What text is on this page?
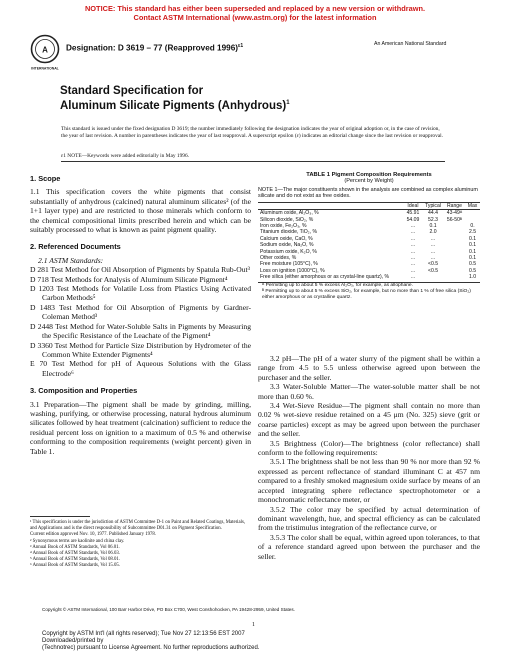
NOTICE: This standard has either been superseded and replaced by a new version or withdrawn.
Contact ASTM International (www.astm.org) for the latest information
A
INTERNATIONAL
Designation: D 3619 – 77 (Reapproved 1996)$^{\varepsilon 1}$	An American National Standard
Standard Specification for
Aluminum Silicate Pigments (Anhydrous)$^1$
This standard is issued under the fixed designation D 3619; the number immediately following the designation indicates the year of original adoption or, in the case of revision, the year of last revision. A number in parentheses indicates the year of last reapproval. A superscript epsilon (ε) indicates an editorial change since the last revision or reapproval.
ε1 NOTE—Keywords were added editorially in May 1996.
1. Scope

1.1 This specification covers the white pigments that consist substantially of anhydrous (calcined) natural aluminum silicates² (of the 1+1 layer type) and are restricted to those minerals which conform to the chemical compositional limits prescribed herein and which can be suitably processed to what is known as paint pigment quality.

2. Referenced Documents

2.1 ASTM Standards:

D 281 Test Method for Oil Absorption of Pigments by Spatula Rub-Out³

D 718 Test Methods for Analysis of Aluminum Silicate Pigment⁴

D 1203 Test Methods for Volatile Loss from Plastics Using Activated Carbon Methods⁵

D 1483 Test Method for Oil Absorption of Pigments by Gardner-Coleman Method³

D 2448 Test Method for Water-Soluble Salts in Pigments by Measuring the Specific Resistance of the Leachate of the Pigment⁴

D 3360 Test Method for Particle Size Distribution by Hydrometer of the Common White Extender Pigments⁴

E 70 Test Method for pH of Aqueous Solutions with the Glass Electrode⁶

3. Composition and Properties

3.1 Preparation—The pigment shall be made by grinding, milling, washing, purifying, or otherwise processing, natural hydrous aluminum silicates followed by heat treatment (calcination) sufficient to reduce the residual percent loss on ignition to a maximum of 0.5 % and otherwise conforming to the composition requirements (weight percent) given in Table 1.

¹ This specification is under the jurisdiction of ASTM Committee D-1 on Paint and Related Coatings, Materials, and Applications and is the direct responsibility of Subcommittee D01.31 on Pigment Specification.

Current edition approved Nov. 10, 1977. Published January 1978.

² Synonymous terms are kaolinite and china clay.

³ Annual Book of ASTM Standards, Vol 06.01.

⁴ Annual Book of ASTM Standards, Vol 06.03.

⁵ Annual Book of ASTM Standards, Vol 08.01.

⁶ Annual Book of ASTM Standards, Vol 15.05.

TABLE 1 Pigment Composition Requirements
(Percent by Weight)

NOTE 1—The major constituents shown in the analysis are combined as complex aluminum silicate and do not exist as free oxides.

	Ideal	Typical	Range	Max
Aluminum oxide, Al₂O₃, %	45.91	44.4	43-49ᴬ	
Silicon dioxide, SiO₂, %	54.09	52.3	56-50ᴮ	
Iron oxide, Fe₂O₃, %	...	0.1		0.
Titanium dioxide, TiO₂, %	...	2.0		2.5
Calcium oxide, CaO, %	...	...		0.1
Sodium oxide, Na₂O, %	...	...		0.1
Potassium oxide, K₂O, %	...	...		0.1
Other oxides, %	...	...		0.1
Free moisture (105°C), %	...	<0.5		0.5
Loss on ignition (1000°C), %	...	<0.5		0.5
Free silica (either amorphous or as crystal-line quartz), %	...			1.0

ᴬ Permitting up to about 5 % excess Al₂O₃, for example, as allophane.

ᴮ Permitting up to about 5 % excess SiO₂, for example, but no more than 1 % of free silica (SiO₂) either amorphous or as crystalline quartz.

3.2 pH—The pH of a water slurry of the pigment shall be within a range from 4.5 to 5.5 unless otherwise agreed upon between the purchaser and the seller.

3.3 Water-Soluble Matter—The water-soluble matter shall be not more than 0.60 %.

3.4 Wet-Sieve Residue—The pigment shall contain no more than 0.02 % wet-sieve residue retained on a 45 μm (No. 325) sieve (grit or coarse particles) except as may be agreed upon between the purchaser and the seller.

3.5 Brightness (Color)—The brightness (color reflectance) shall conform to the following requirements:

3.5.1 The brightness shall be not less than 90 % nor more than 92 % expressed as percent reflectance of standard illuminant C at 457 nm compared to a freshly smoked magnesium oxide surface by means of an accepted integrating sphere reflectance spectrophotometer or a monochromatic reflectance meter, or

3.5.2 The color may be specified by actual determination of dominant wavelength, hue, and spectral efficiency as can be calculated from the tristimulus integration of the reflectance curve, or

3.5.3 The color shall be equal, within agreed upon tolerances, to that of a reference standard agreed upon between the purchaser and the seller.

Copyright © ASTM International, 100 Barr Harbor Drive, PO Box C700, West Conshohocken, PA 19428-2959, United States.
1
Copyright by ASTM Int'l (all rights reserved); Tue Nov 27 12:13:56 EST 2007
Downloaded/printed by
(Technotrec) pursuant to License Agreement. No further reproductions authorized.
